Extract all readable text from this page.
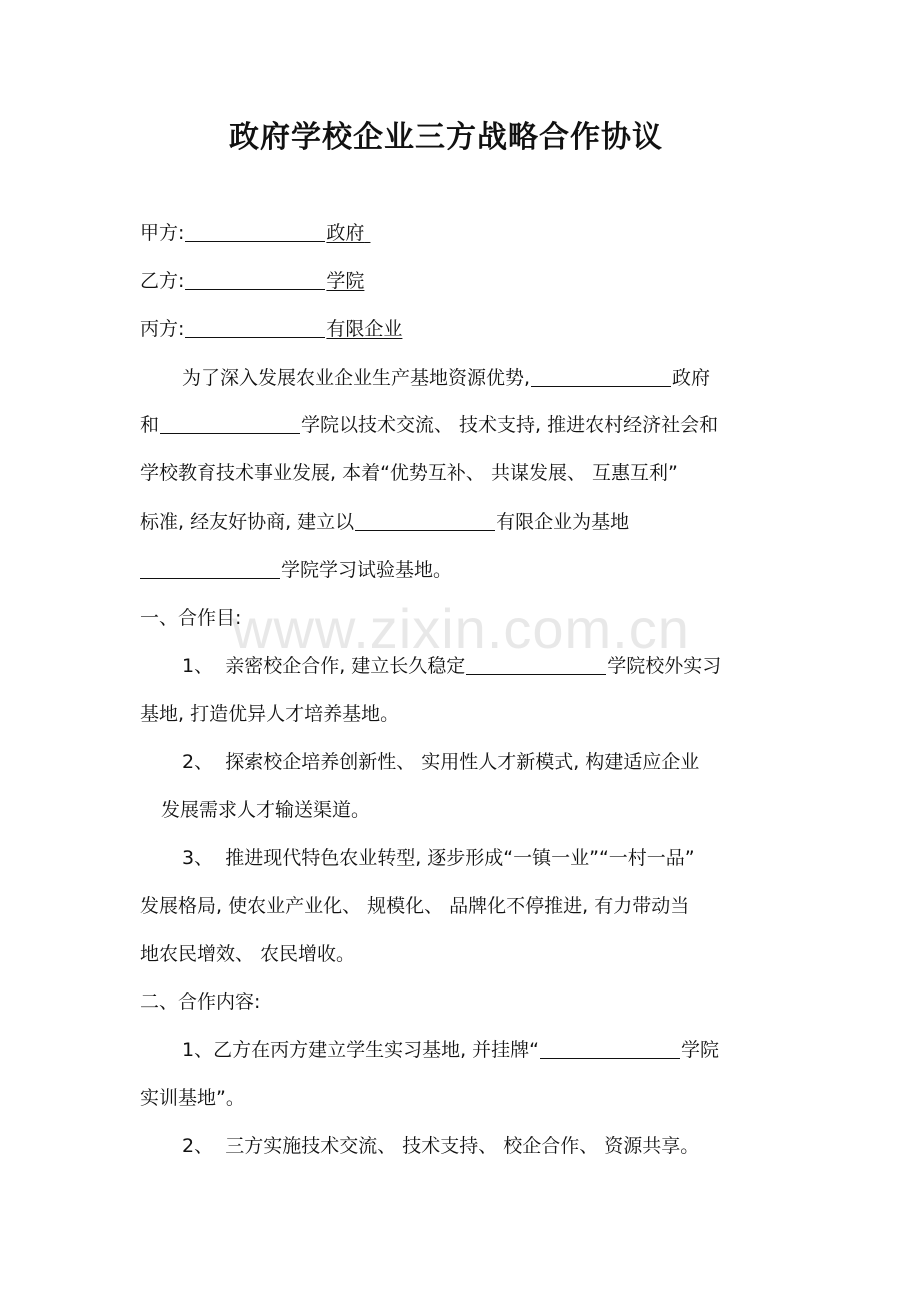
政府学校企业三方战略合作协议
甲方:	政府
乙方:	学院
丙方:	有限企业
为了深入发展农业企业生产基地资源优势,	政府
和	学院以技术交流、 技术支持, 推进农村经济社会和
学校教育技术事业发展, 本着“优势互补、 共谋发展、 互惠互利”
标准, 经友好协商, 建立以	有限企业为基地
学院学习试验基地。
一、合作目:
1、 亲密校企合作, 建立长久稳定	学院校外实习
基地, 打造优异人才培养基地。
2、 探索校企培养创新性、 实用性人才新模式, 构建适应企业
发展需求人才输送渠道。
3、 推进现代特色农业转型, 逐步形成“一镇一业”“一村一品”
发展格局, 使农业产业化、 规模化、 品牌化不停推进, 有力带动当
地农民增效、 农民增收。
二、合作内容:
1、乙方在丙方建立学生实习基地, 并挂牌“	学院
实训基地”。
2、 三方实施技术交流、 技术支持、 校企合作、 资源共享。
www.zixin.com.cn
